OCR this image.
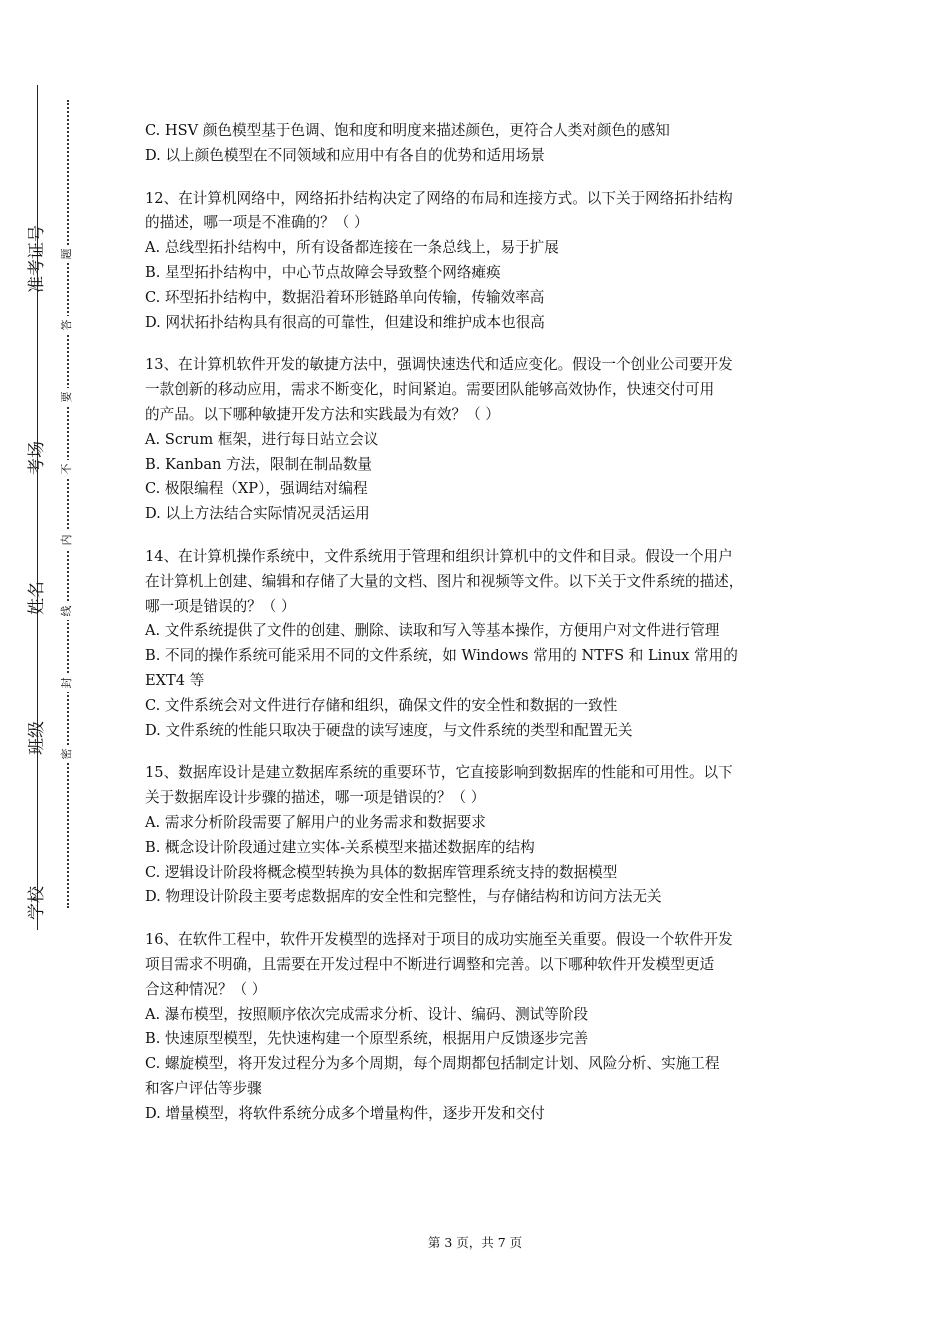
准考证号
考场
姓名
班级
学校
题
答
要
不
内
线
封
密
C. HSV 颜色模型基于色调、饱和度和明度来描述颜色，更符合人类对颜色的感知
D. 以上颜色模型在不同领域和应用中有各自的优势和适用场景
12、在计算机网络中，网络拓扑结构决定了网络的布局和连接方式。以下关于网络拓扑结构
的描述，哪一项是不准确的？（ ）
A. 总线型拓扑结构中，所有设备都连接在一条总线上，易于扩展
B. 星型拓扑结构中，中心节点故障会导致整个网络瘫痪
C. 环型拓扑结构中，数据沿着环形链路单向传输，传输效率高
D. 网状拓扑结构具有很高的可靠性，但建设和维护成本也很高
13、在计算机软件开发的敏捷方法中，强调快速迭代和适应变化。假设一个创业公司要开发
一款创新的移动应用，需求不断变化，时间紧迫。需要团队能够高效协作，快速交付可用
的产品。以下哪种敏捷开发方法和实践最为有效？（ ）
A. Scrum 框架，进行每日站立会议
B. Kanban 方法，限制在制品数量
C. 极限编程（XP），强调结对编程
D. 以上方法结合实际情况灵活运用
14、在计算机操作系统中，文件系统用于管理和组织计算机中的文件和目录。假设一个用户
在计算机上创建、编辑和存储了大量的文档、图片和视频等文件。以下关于文件系统的描述，
哪一项是错误的？（ ）
A. 文件系统提供了文件的创建、删除、读取和写入等基本操作，方便用户对文件进行管理
B. 不同的操作系统可能采用不同的文件系统，如 Windows 常用的 NTFS 和 Linux 常用的
EXT4 等
C. 文件系统会对文件进行存储和组织，确保文件的安全性和数据的一致性
D. 文件系统的性能只取决于硬盘的读写速度，与文件系统的类型和配置无关
15、数据库设计是建立数据库系统的重要环节，它直接影响到数据库的性能和可用性。以下
关于数据库设计步骤的描述，哪一项是错误的？（ ）
A. 需求分析阶段需要了解用户的业务需求和数据要求
B. 概念设计阶段通过建立实体-关系模型来描述数据库的结构
C. 逻辑设计阶段将概念模型转换为具体的数据库管理系统支持的数据模型
D. 物理设计阶段主要考虑数据库的安全性和完整性，与存储结构和访问方法无关
16、在软件工程中，软件开发模型的选择对于项目的成功实施至关重要。假设一个软件开发
项目需求不明确，且需要在开发过程中不断进行调整和完善。以下哪种软件开发模型更适
合这种情况？（ ）
A. 瀑布模型，按照顺序依次完成需求分析、设计、编码、测试等阶段
B. 快速原型模型，先快速构建一个原型系统，根据用户反馈逐步完善
C. 螺旋模型，将开发过程分为多个周期，每个周期都包括制定计划、风险分析、实施工程
和客户评估等步骤
D. 增量模型，将软件系统分成多个增量构件，逐步开发和交付
第 3 页，共 7 页
